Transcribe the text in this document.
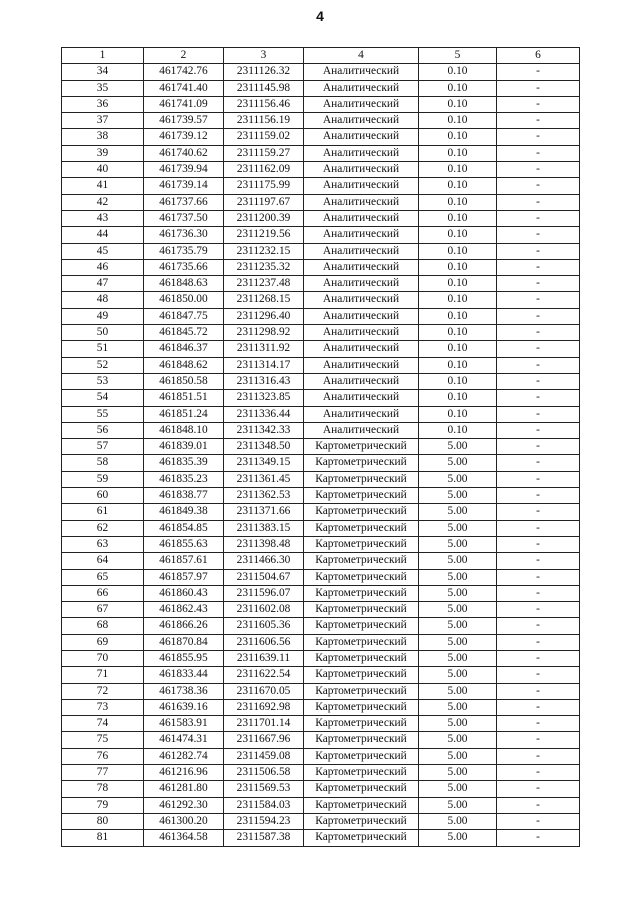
4
1	2	3	4	5	6
34	461742.76	2311126.32	Аналитический	0.10	-
35	461741.40	2311145.98	Аналитический	0.10	-
36	461741.09	2311156.46	Аналитический	0.10	-
37	461739.57	2311156.19	Аналитический	0.10	-
38	461739.12	2311159.02	Аналитический	0.10	-
39	461740.62	2311159.27	Аналитический	0.10	-
40	461739.94	2311162.09	Аналитический	0.10	-
41	461739.14	2311175.99	Аналитический	0.10	-
42	461737.66	2311197.67	Аналитический	0.10	-
43	461737.50	2311200.39	Аналитический	0.10	-
44	461736.30	2311219.56	Аналитический	0.10	-
45	461735.79	2311232.15	Аналитический	0.10	-
46	461735.66	2311235.32	Аналитический	0.10	-
47	461848.63	2311237.48	Аналитический	0.10	-
48	461850.00	2311268.15	Аналитический	0.10	-
49	461847.75	2311296.40	Аналитический	0.10	-
50	461845.72	2311298.92	Аналитический	0.10	-
51	461846.37	2311311.92	Аналитический	0.10	-
52	461848.62	2311314.17	Аналитический	0.10	-
53	461850.58	2311316.43	Аналитический	0.10	-
54	461851.51	2311323.85	Аналитический	0.10	-
55	461851.24	2311336.44	Аналитический	0.10	-
56	461848.10	2311342.33	Аналитический	0.10	-
57	461839.01	2311348.50	Картометрический	5.00	-
58	461835.39	2311349.15	Картометрический	5.00	-
59	461835.23	2311361.45	Картометрический	5.00	-
60	461838.77	2311362.53	Картометрический	5.00	-
61	461849.38	2311371.66	Картометрический	5.00	-
62	461854.85	2311383.15	Картометрический	5.00	-
63	461855.63	2311398.48	Картометрический	5.00	-
64	461857.61	2311466.30	Картометрический	5.00	-
65	461857.97	2311504.67	Картометрический	5.00	-
66	461860.43	2311596.07	Картометрический	5.00	-
67	461862.43	2311602.08	Картометрический	5.00	-
68	461866.26	2311605.36	Картометрический	5.00	-
69	461870.84	2311606.56	Картометрический	5.00	-
70	461855.95	2311639.11	Картометрический	5.00	-
71	461833.44	2311622.54	Картометрический	5.00	-
72	461738.36	2311670.05	Картометрический	5.00	-
73	461639.16	2311692.98	Картометрический	5.00	-
74	461583.91	2311701.14	Картометрический	5.00	-
75	461474.31	2311667.96	Картометрический	5.00	-
76	461282.74	2311459.08	Картометрический	5.00	-
77	461216.96	2311506.58	Картометрический	5.00	-
78	461281.80	2311569.53	Картометрический	5.00	-
79	461292.30	2311584.03	Картометрический	5.00	-
80	461300.20	2311594.23	Картометрический	5.00	-
81	461364.58	2311587.38	Картометрический	5.00	-
